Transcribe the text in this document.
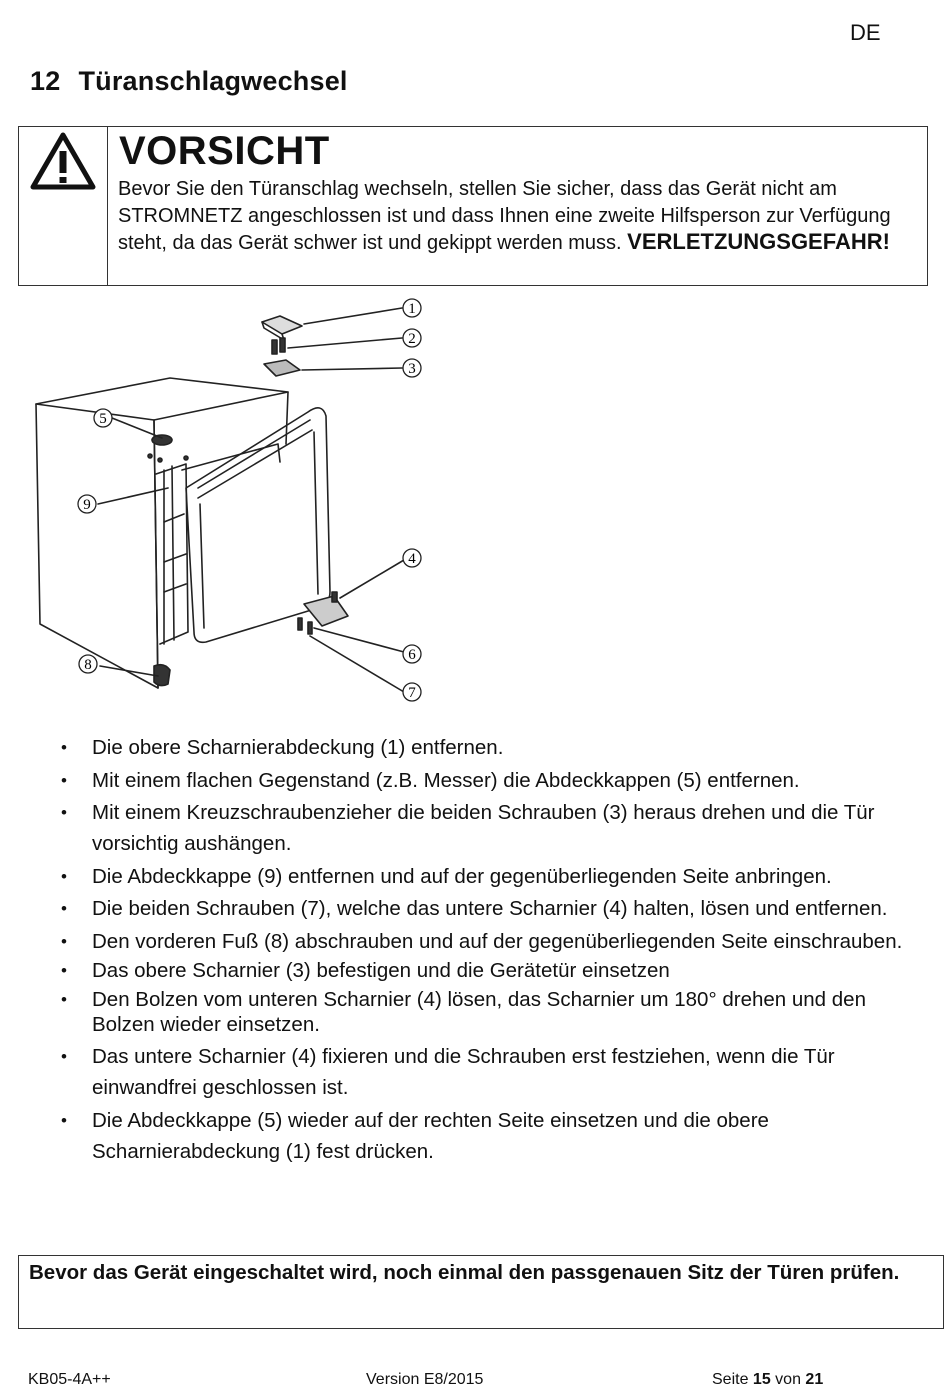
DE
12 Türanschlagwechsel
VORSICHT
Bevor Sie den Türanschlag wechseln, stellen Sie sicher, dass das Gerät nicht am STROMNETZ angeschlossen ist und dass Ihnen eine zweite Hilfsperson zur Verfügung steht, da das Gerät schwer ist und gekippt werden muss. VERLETZUNGSGEFAHR!
1
2
3
4
5
6
7
8
9
• Die obere Scharnierabdeckung (1) entfernen.
• Mit einem flachen Gegenstand (z.B. Messer) die Abdeckkappen (5) entfernen.
• Mit einem Kreuzschraubenzieher die beiden Schrauben (3) heraus drehen und die Tür vorsichtig aushängen.
• Die Abdeckkappe (9) entfernen und auf der gegenüberliegenden Seite anbringen.
• Die beiden Schrauben (7), welche das untere Scharnier (4) halten, lösen und entfernen.
• Den vorderen Fuß (8) abschrauben und auf der gegenüberliegenden Seite einschrauben.
• Das obere Scharnier (3) befestigen und die Gerätetür einsetzen
• Den Bolzen vom unteren Scharnier (4) lösen, das Scharnier um 180° drehen und den Bolzen wieder einsetzen.
• Das untere Scharnier (4) fixieren und die Schrauben erst festziehen, wenn die Tür einwandfrei geschlossen ist.
• Die Abdeckkappe (5) wieder auf der rechten Seite einsetzen und die obere Scharnierabdeckung (1) fest drücken.
Bevor das Gerät eingeschaltet wird, noch einmal den passgenauen Sitz der Türen prüfen.
KB05-4A++	Version E8/2015	Seite 15 von 21
